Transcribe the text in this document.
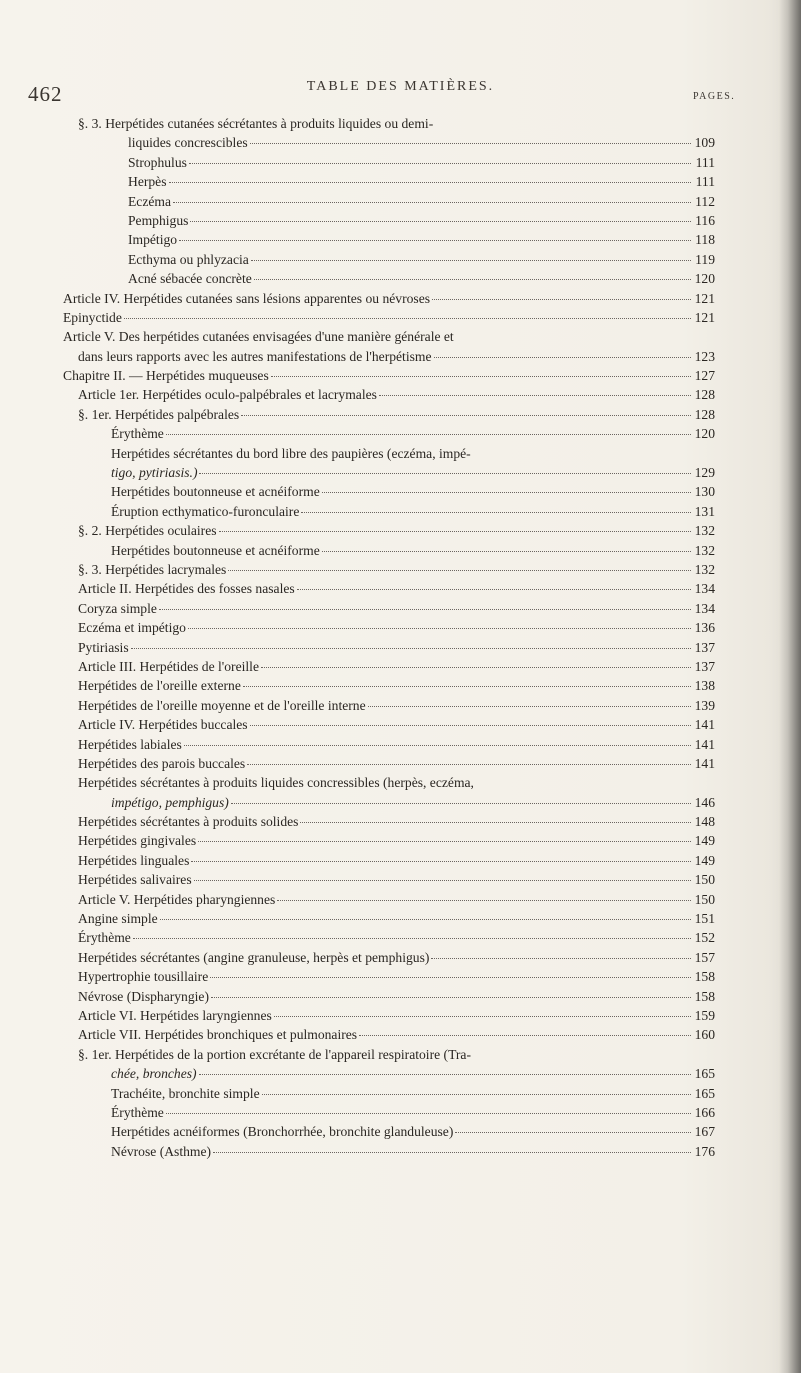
462	TABLE DES MATIÈRES.
PAGES.
§. 3. Herpétides cutanées sécrétantes à produits liquides ou demi-
liquides concrescibles	109
Strophulus	111
Herpès	111
Eczéma	112
Pemphigus	116
Impétigo	118
Ecthyma ou phlyzacia	119
Acné sébacée concrète	120
Article IV. Herpétides cutanées sans lésions apparentes ou névroses	121
Epinyctide	121
Article V. Des herpétides cutanées envisagées d'une manière générale et
dans leurs rapports avec les autres manifestations de l'herpétisme	123
Chapitre II. — Herpétides muqueuses	127
Article 1er. Herpétides oculo-palpébrales et lacrymales	128
§. 1er. Herpétides palpébrales	128
Érythème	120
Herpétides sécrétantes du bord libre des paupières (eczéma, impé-
tigo, pytiriasis.)	129
Herpétides boutonneuse et acnéiforme	130
Éruption ecthymatico-furonculaire	131
§. 2. Herpétides oculaires	132
Herpétides boutonneuse et acnéiforme	132
§. 3. Herpétides lacrymales	132
Article II. Herpétides des fosses nasales	134
Coryza simple	134
Eczéma et impétigo	136
Pytiriasis	137
Article III. Herpétides de l'oreille	137
Herpétides de l'oreille externe	138
Herpétides de l'oreille moyenne et de l'oreille interne	139
Article IV. Herpétides buccales	141
Herpétides labiales	141
Herpétides des parois buccales	141
Herpétides sécrétantes à produits liquides concressibles (herpès, eczéma,
impétigo, pemphigus)	146
Herpétides sécrétantes à produits solides	148
Herpétides gingivales	149
Herpétides linguales	149
Herpétides salivaires	150
Article V. Herpétides pharyngiennes	150
Angine simple	151
Érythème	152
Herpétides sécrétantes (angine granuleuse, herpès et pemphigus)	157
Hypertrophie tousillaire	158
Névrose (Dispharyngie)	158
Article VI. Herpétides laryngiennes	159
Article VII. Herpétides bronchiques et pulmonaires	160
§. 1er. Herpétides de la portion excrétante de l'appareil respiratoire (Tra-
chée, bronches)	165
Trachéite, bronchite simple	165
Érythème	166
Herpétides acnéiformes (Bronchorrhée, bronchite glanduleuse)	167
Névrose (Asthme)	176
